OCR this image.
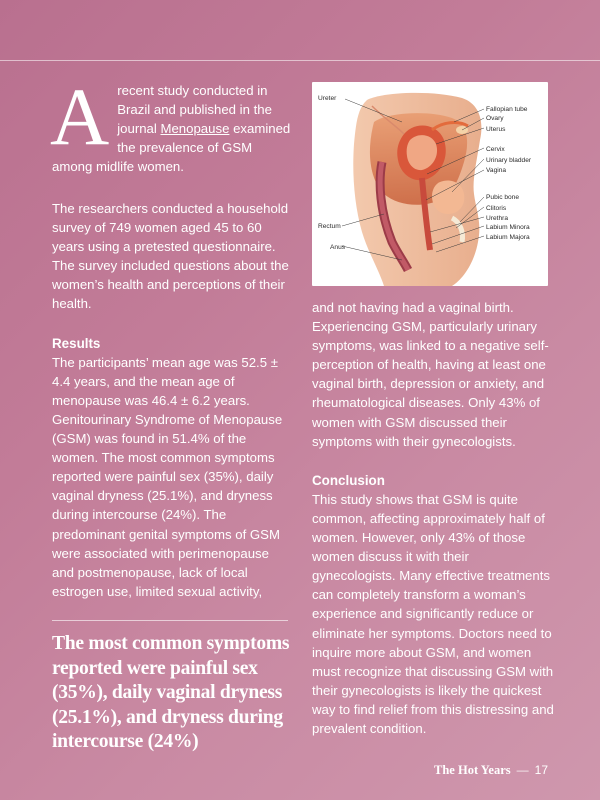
A recent study conducted in Brazil and published in the journal Menopause examined the prevalence of GSM among midlife women.

The researchers conducted a household survey of 749 women aged 45 to 60 years using a pretested questionnaire. The survey included questions about the women’s health and perceptions of their health.

Results

The participants’ mean age was 52.5 ± 4.4 years, and the mean age of menopause was 46.4 ± 6.2 years. Genitourinary Syndrome of Menopause (GSM) was found in 51.4% of the women. The most common symptoms reported were painful sex (35%), daily vaginal dryness (25.1%), and dryness during intercourse (24%). The predominant genital symptoms of GSM were associated with perimenopause and postmenopause, lack of local estrogen use, limited sexual activity,

The most common symptoms reported were painful sex (35%), daily vaginal dryness (25.1%), and dryness during intercourse (24%)
Ureter
Rectum
Anus
Fallopian tube
Ovary
Uterus
Cervix
Urinary bladder
Vagina
Pubic bone
Clitoris
Urethra
Labium Minora
Labium Majora

and not having had a vaginal birth. Experiencing GSM, particularly urinary symptoms, was linked to a negative self-perception of health, having at least one vaginal birth, depression or anxiety, and rheumatological diseases. Only 43% of women with GSM discussed their symptoms with their gynecologists.

Conclusion

This study shows that GSM is quite common, affecting approximately half of women. However, only 43% of those women discuss it with their gynecologists. Many effective treatments can completely transform a woman’s experience and significantly reduce or eliminate her symptoms. Doctors need to inquire more about GSM, and women must recognize that discussing GSM with their gynecologists is likely the quickest way to find relief from this distressing and prevalent condition.

The Hot Years — 17
